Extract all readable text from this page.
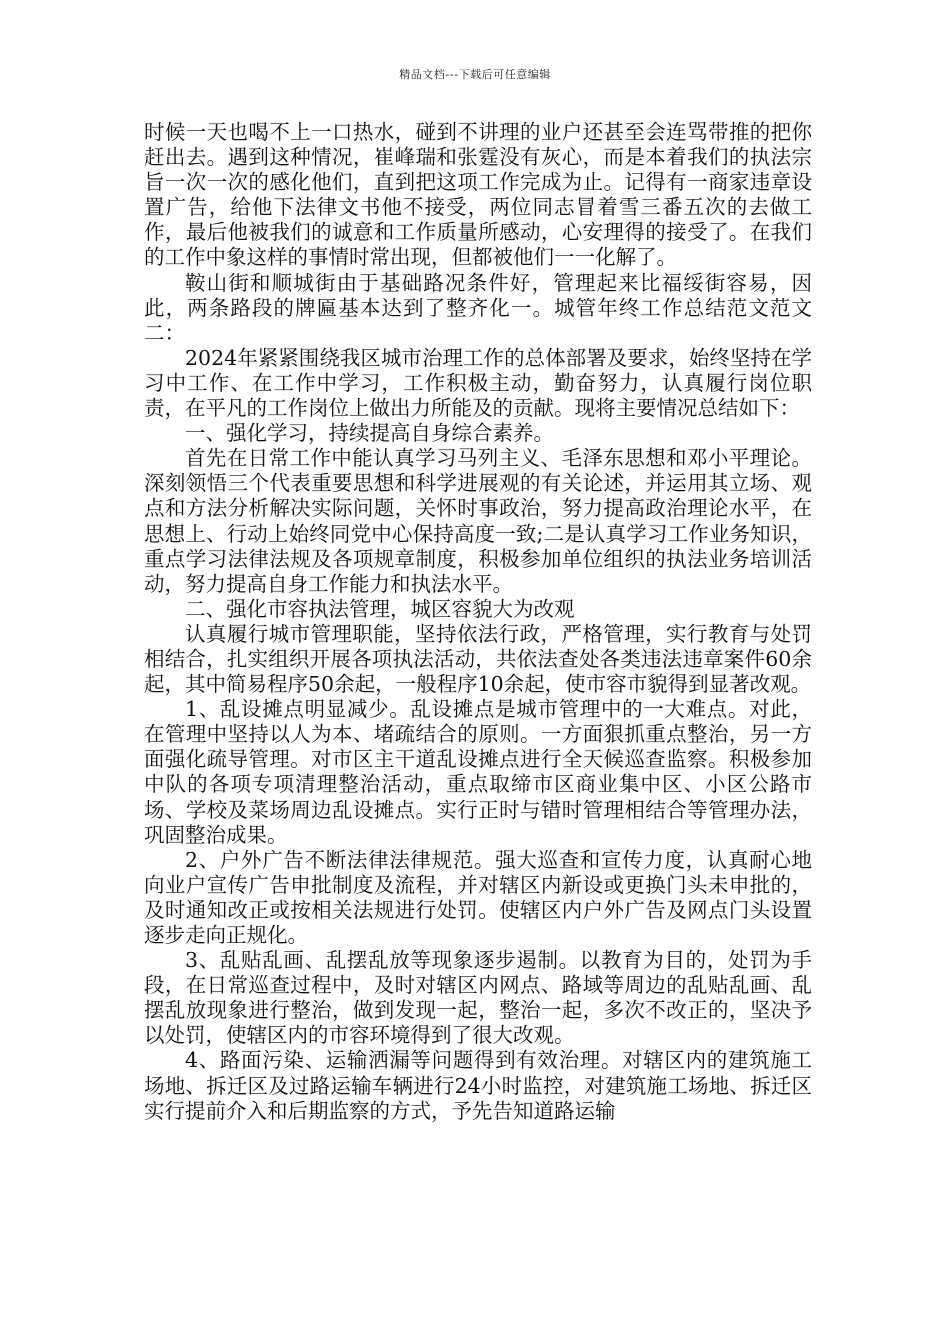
精品文档---下载后可任意编辑

时候一天也喝不上一口热水，碰到不讲理的业户还甚至会连骂带推的把你赶出去。遇到这种情况，崔峰瑞和张霆没有灰心，而是本着我们的执法宗旨一次一次的感化他们，直到把这项工作完成为止。记得有一商家违章设置广告，给他下法律文书他不接受，两位同志冒着雪三番五次的去做工作，最后他被我们的诚意和工作质量所感动，心安理得的接受了。在我们的工作中象这样的事情时常出现，但都被他们一一化解了。

鞍山街和顺城街由于基础路况条件好，管理起来比福绥街容易，因此，两条路段的牌匾基本达到了整齐化一。城管年终工作总结范文范文二：

2024年紧紧围绕我区城市治理工作的总体部署及要求，始终坚持在学习中工作、在工作中学习，工作积极主动，勤奋努力，认真履行岗位职责，在平凡的工作岗位上做出力所能及的贡献。现将主要情况总结如下：

一、强化学习，持续提高自身综合素养。

首先在日常工作中能认真学习马列主义、毛泽东思想和邓小平理论。深刻领悟三个代表重要思想和科学进展观的有关论述，并运用其立场、观点和方法分析解决实际问题，关怀时事政治，努力提高政治理论水平，在思想上、行动上始终同党中心保持高度一致;二是认真学习工作业务知识，重点学习法律法规及各项规章制度，积极参加单位组织的执法业务培训活动，努力提高自身工作能力和执法水平。

二、强化市容执法管理，城区容貌大为改观

认真履行城市管理职能，坚持依法行政，严格管理，实行教育与处罚相结合，扎实组织开展各项执法活动，共依法查处各类违法违章案件60余起，其中简易程序50余起，一般程序10余起，使市容市貌得到显著改观。

1、乱设摊点明显减少。乱设摊点是城市管理中的一大难点。对此，在管理中坚持以人为本、堵疏结合的原则。一方面狠抓重点整治，另一方面强化疏导管理。对市区主干道乱设摊点进行全天候巡查监察。积极参加中队的各项专项清理整治活动，重点取缔市区商业集中区、小区公路市场、学校及菜场周边乱设摊点。实行正时与错时管理相结合等管理办法，巩固整治成果。

2、户外广告不断法律法律规范。强大巡查和宣传力度，认真耐心地向业户宣传广告申批制度及流程，并对辖区内新设或更换门头未申批的，及时通知改正或按相关法规进行处罚。使辖区内户外广告及网点门头设置逐步走向正规化。

3、乱贴乱画、乱摆乱放等现象逐步遏制。以教育为目的，处罚为手段，在日常巡查过程中，及时对辖区内网点、路域等周边的乱贴乱画、乱摆乱放现象进行整治，做到发现一起，整治一起，多次不改正的，坚决予以处罚，使辖区内的市容环境得到了很大改观。

4、路面污染、运输洒漏等问题得到有效治理。对辖区内的建筑施工场地、拆迁区及过路运输车辆进行24小时监控，对建筑施工场地、拆迁区实行提前介入和后期监察的方式，予先告知道路运输
